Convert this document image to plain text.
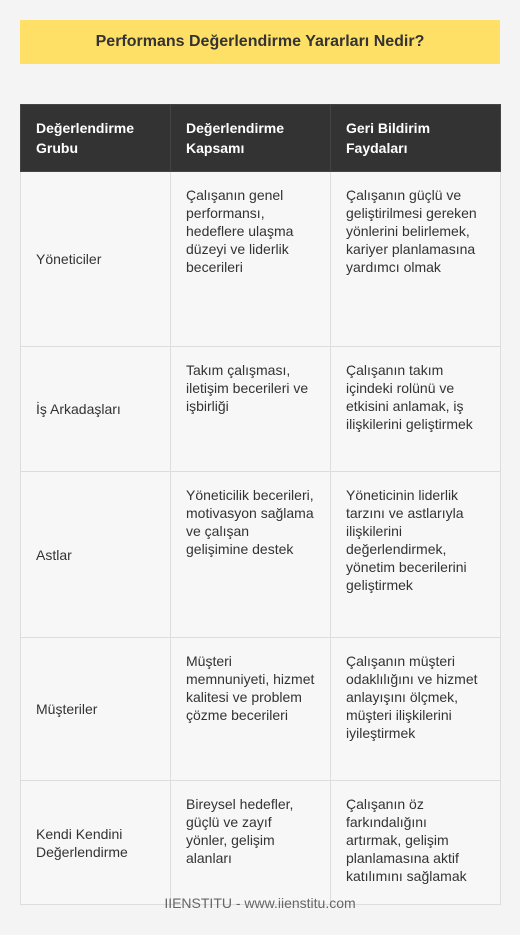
Performans Değerlendirme Yararları Nedir?
Değerlendirme Grubu	Değerlendirme Kapsamı	Geri Bildirim Faydaları
Yöneticiler	Çalışanın genel performansı, hedeflere ulaşma düzeyi ve liderlik becerileri	Çalışanın güçlü ve geliştirilmesi gereken yönlerini belirlemek, kariyer planlamasına yardımcı olmak
İş Arkadaşları	Takım çalışması, iletişim becerileri ve işbirliği	Çalışanın takım içindeki rolünü ve etkisini anlamak, iş ilişkilerini geliştirmek
Astlar	Yöneticilik becerileri, motivasyon sağlama ve çalışan gelişimine destek	Yöneticinin liderlik tarzını ve astlarıyla ilişkilerini değerlendirmek, yönetim becerilerini geliştirmek
Müşteriler	Müşteri memnuniyeti, hizmet kalitesi ve problem çözme becerileri	Çalışanın müşteri odaklılığını ve hizmet anlayışını ölçmek, müşteri ilişkilerini iyileştirmek
Kendi Kendini Değerlendirme	Bireysel hedefler, güçlü ve zayıf yönler, gelişim alanları	Çalışanın öz farkındalığını artırmak, gelişim planlamasına aktif katılımını sağlamak
IIENSTITU - www.iienstitu.com
